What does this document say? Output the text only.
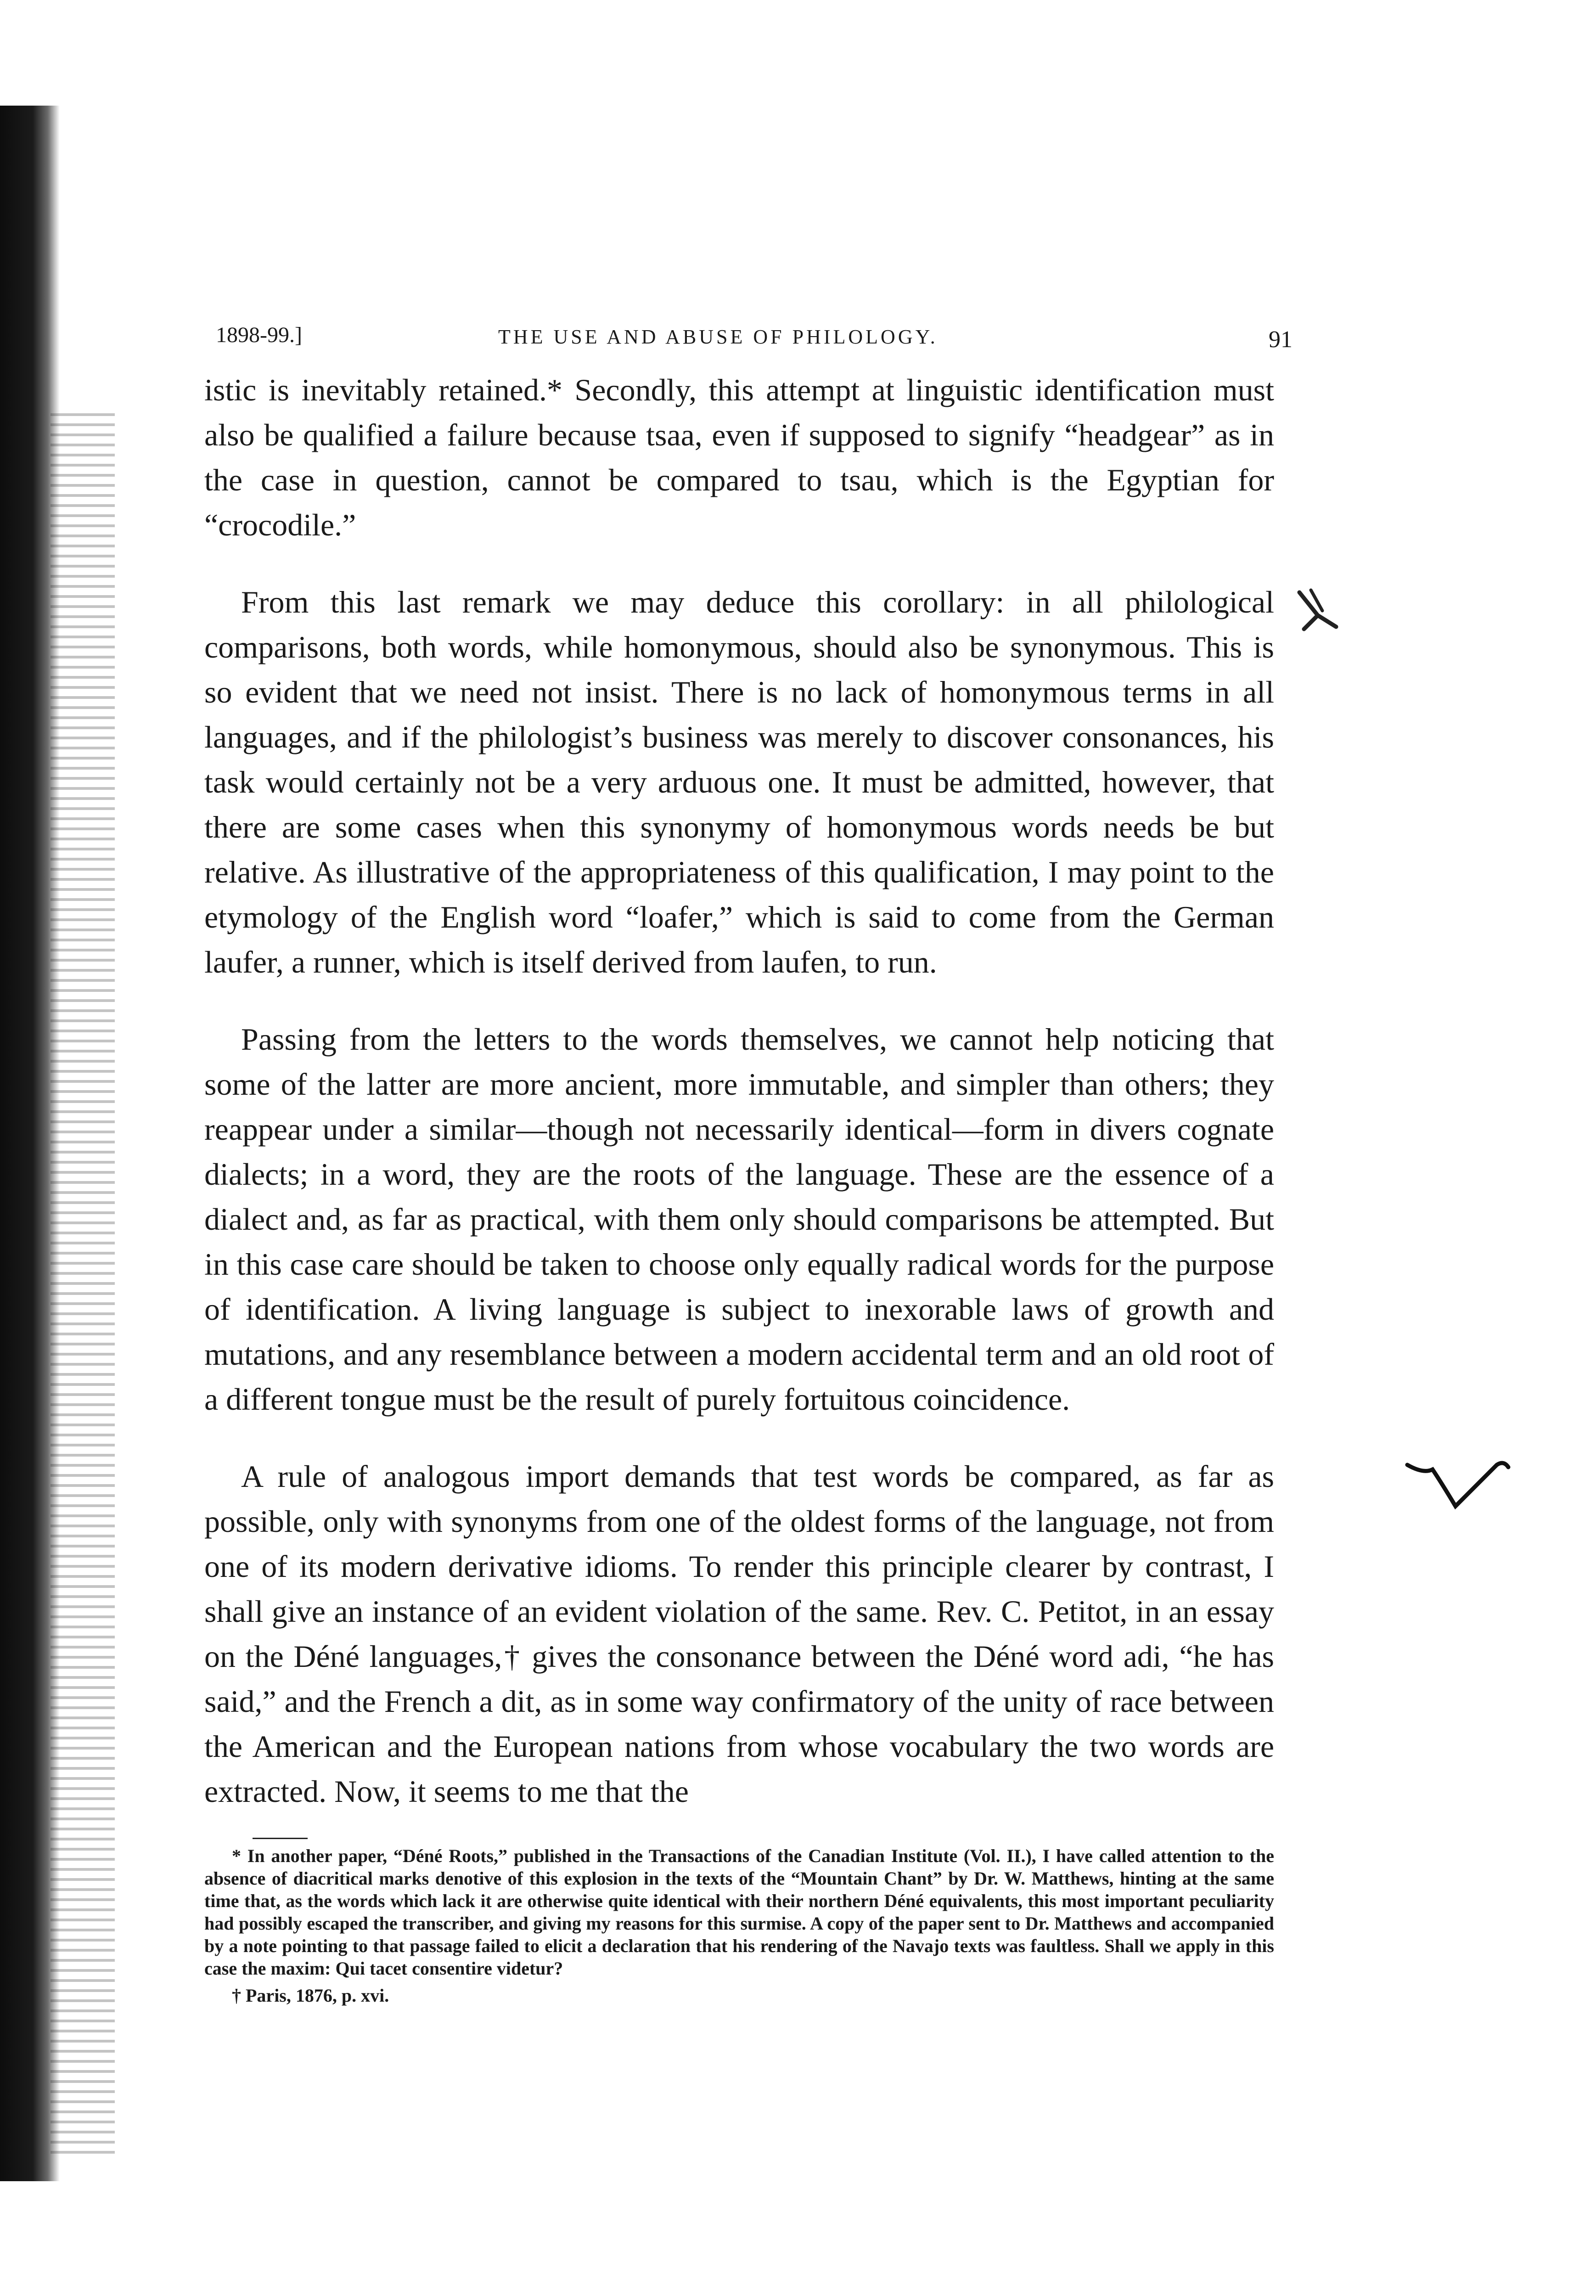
1898-99.]	THE USE AND ABUSE OF PHILOLOGY.	91

istic is inevitably retained.* Secondly, this attempt at linguistic identification must also be qualified a failure because tsaa, even if supposed to signify “headgear” as in the case in question, cannot be compared to tsau, which is the Egyptian for “crocodile.”

From this last remark we may deduce this corollary: in all philological comparisons, both words, while homonymous, should also be synonymous. This is so evident that we need not insist. There is no lack of homonymous terms in all languages, and if the philologist’s business was merely to discover consonances, his task would certainly not be a very arduous one. It must be admitted, however, that there are some cases when this synonymy of homonymous words needs be but relative. As illustrative of the appropriateness of this qualification, I may point to the etymology of the English word “loafer,” which is said to come from the German laufer, a runner, which is itself derived from laufen, to run.

Passing from the letters to the words themselves, we cannot help noticing that some of the latter are more ancient, more immutable, and simpler than others; they reappear under a similar—though not necessarily identical—form in divers cognate dialects; in a word, they are the roots of the language. These are the essence of a dialect and, as far as practical, with them only should comparisons be attempted. But in this case care should be taken to choose only equally radical words for the purpose of identification. A living language is subject to inexorable laws of growth and mutations, and any resemblance between a modern accidental term and an old root of a different tongue must be the result of purely fortuitous coincidence.

A rule of analogous import demands that test words be compared, as far as possible, only with synonyms from one of the oldest forms of the language, not from one of its modern derivative idioms. To render this principle clearer by contrast, I shall give an instance of an evident violation of the same. Rev. C. Petitot, in an essay on the Déné languages,† gives the consonance between the Déné word adi, “he has said,” and the French a dit, as in some way confirmatory of the unity of race between the American and the European nations from whose vocabulary the two words are extracted. Now, it seems to me that the

* In another paper, “Déné Roots,” published in the Transactions of the Canadian Institute (Vol. II.), I have called attention to the absence of diacritical marks denotive of this explosion in the texts of the “Mountain Chant” by Dr. W. Matthews, hinting at the same time that, as the words which lack it are otherwise quite identical with their northern Déné equivalents, this most important peculiarity had possibly escaped the transcriber, and giving my reasons for this surmise. A copy of the paper sent to Dr. Matthews and accompanied by a note pointing to that passage failed to elicit a declaration that his rendering of the Navajo texts was faultless. Shall we apply in this case the maxim: Qui tacet consentire videtur?

† Paris, 1876, p. xvi.
